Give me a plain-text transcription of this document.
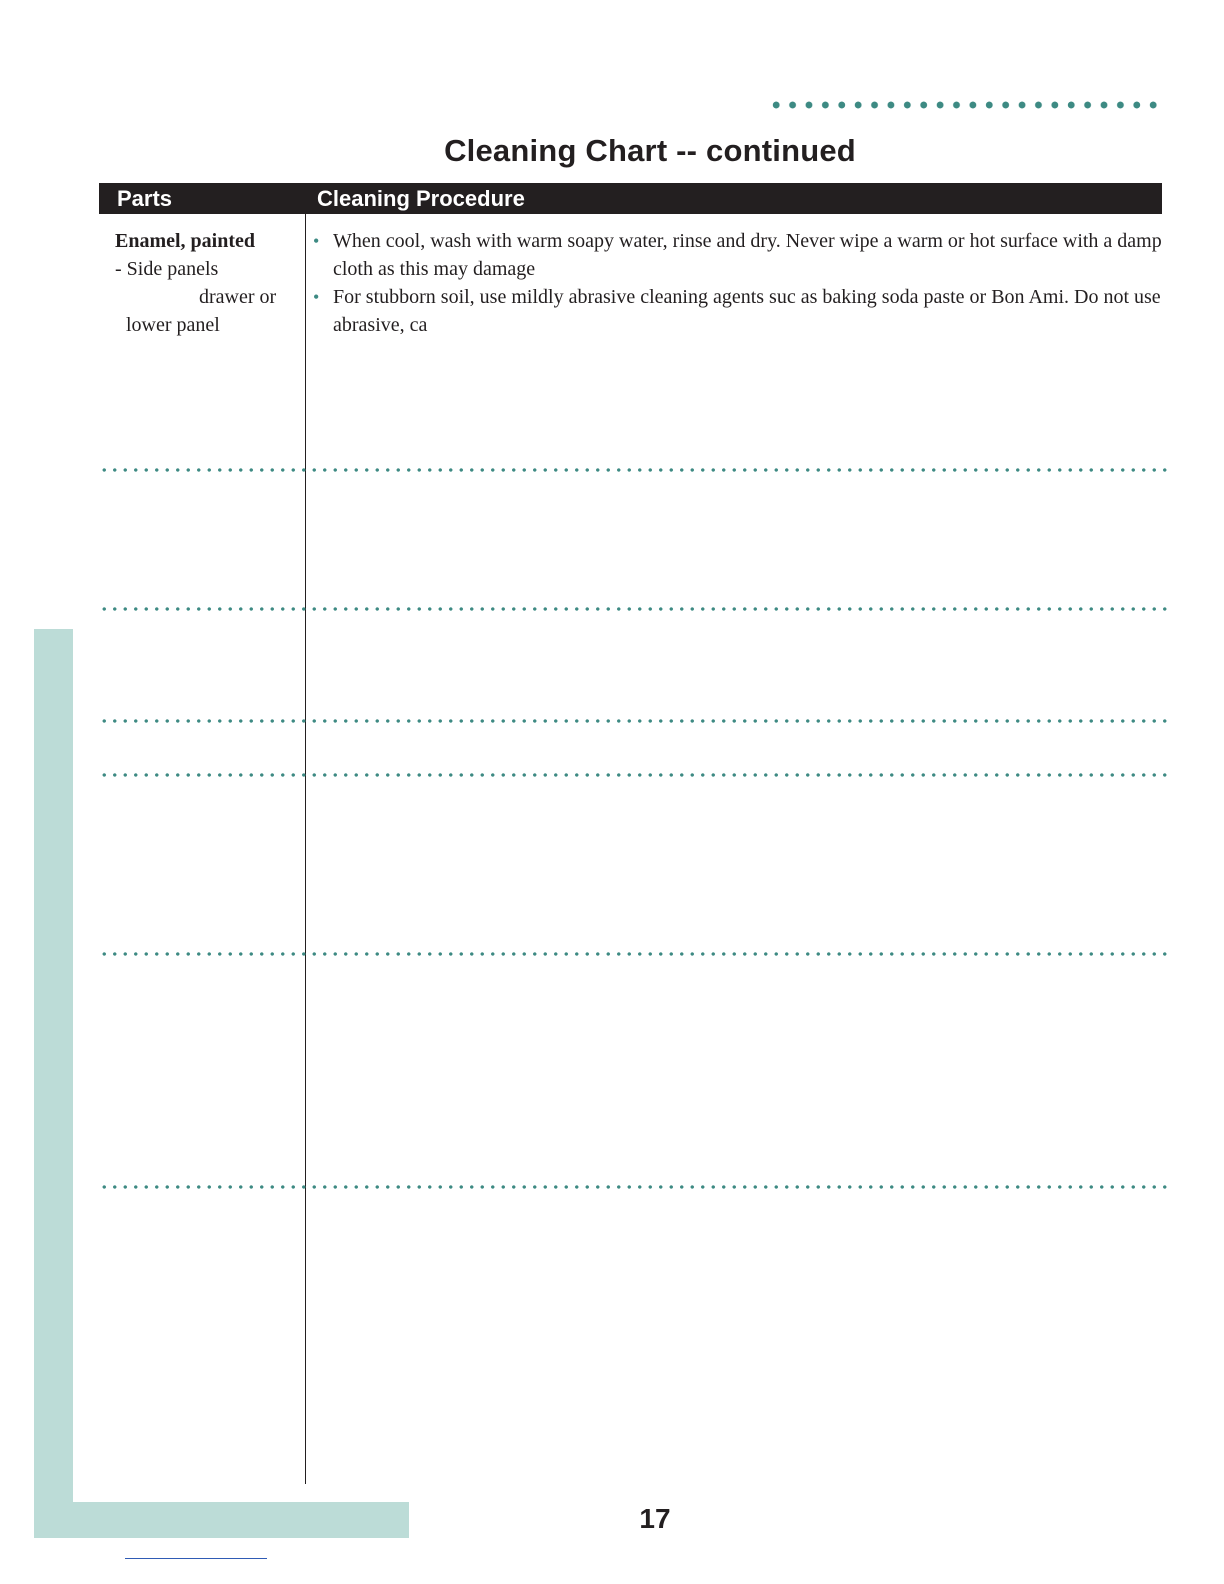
Cleaning Chart -- continued
Parts	Cleaning Procedure
Enamel, painted
- Side panels
drawer or
lower panel
• When cool, wash with warm soapy water, rinse and dry. Never wipe a warm or hot surface with a damp cloth as this may damage
• For stubborn soil, use mildly abrasive cleaning agents suc as baking soda paste or Bon Ami. Do not use abrasive, ca
17
